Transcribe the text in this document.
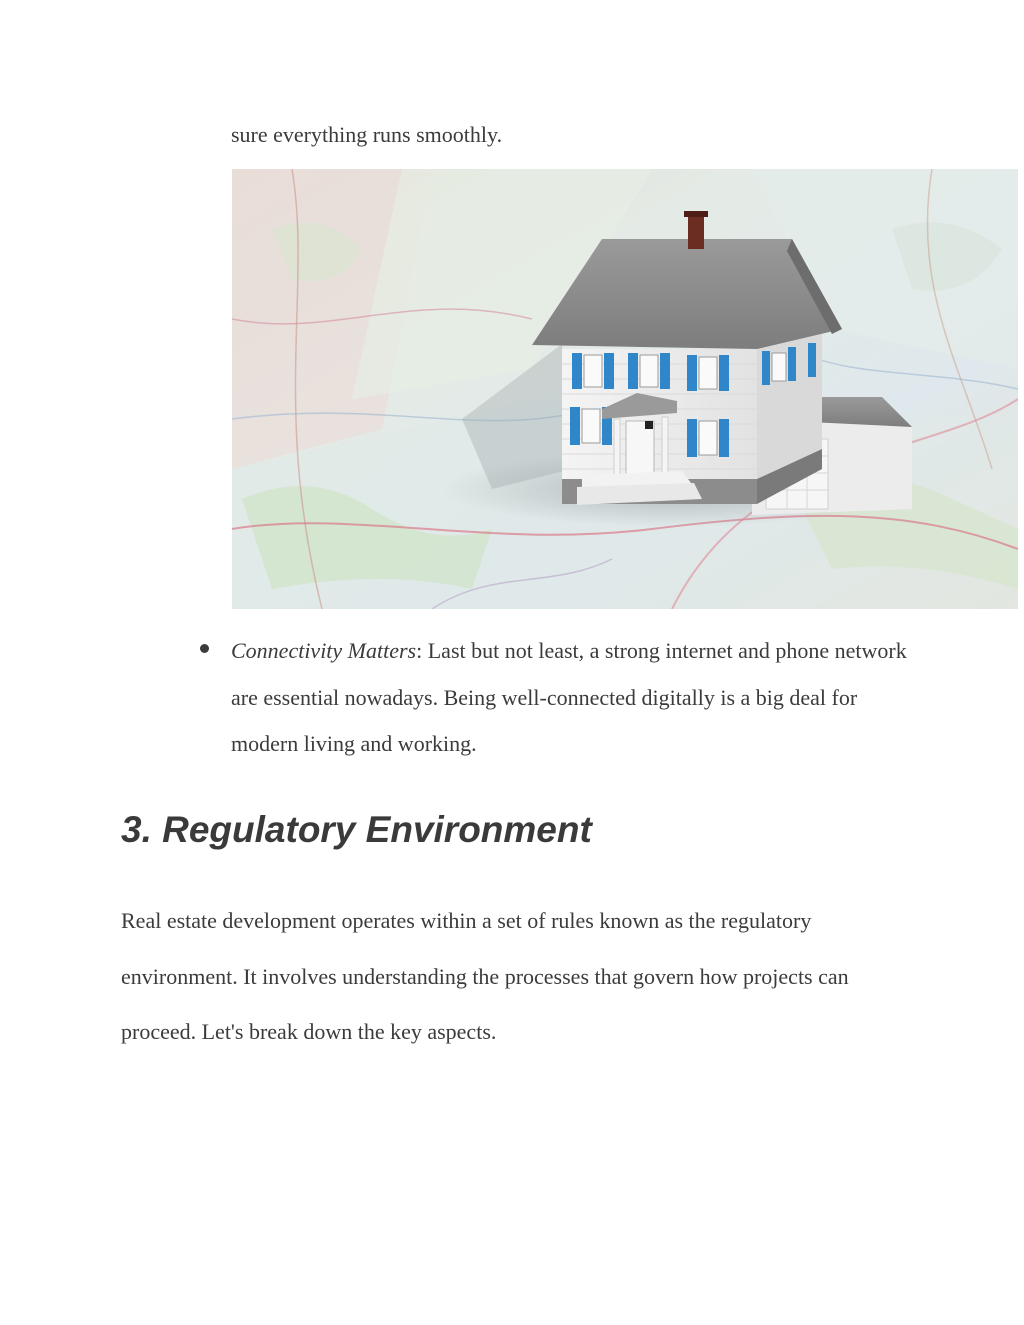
sure everything runs smoothly.

Connectivity Matters: Last but not least, a strong internet and phone network are essential nowadays. Being well-connected digitally is a big deal for modern living and working.
3. Regulatory Environment

Real estate development operates within a set of rules known as the regulatory environment. It involves understanding the processes that govern how projects can proceed. Let's break down the key aspects.
